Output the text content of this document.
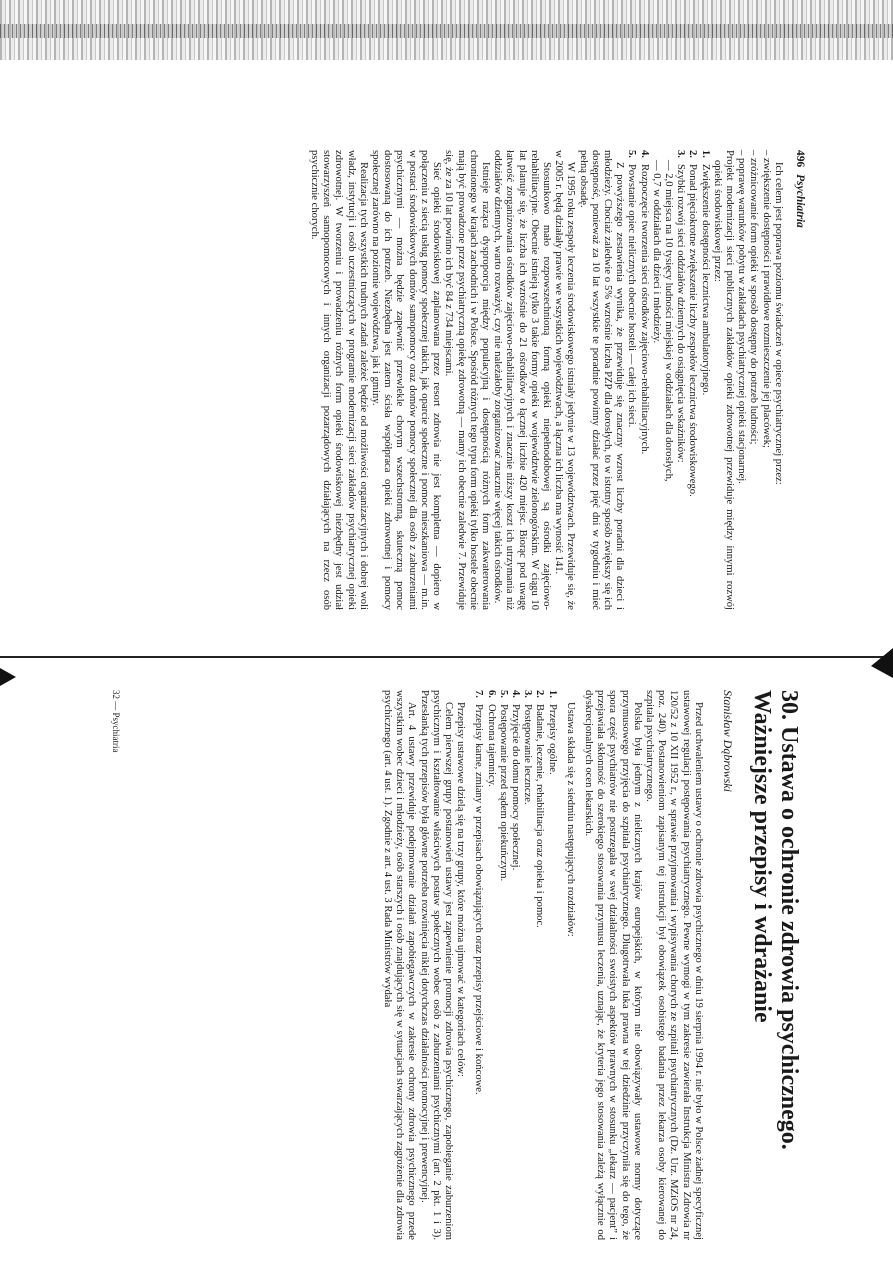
496 Psychiatria

Ich celem jest poprawa poziomu świadczeń w opiece psychiatrycznej przez:

– zwiększenie dostępności i prawidłowe rozmieszczenie jej placówek;
– zróżnicowanie form opieki w sposób dostępny do potrzeb ludności;
– poprawę warunków pobytu w zakładach psychiatrycznej opieki stacjonarnej.
Projekt modernizacji sieci publicznych zakładów opieki zdrowotnej przewiduje między innymi rozwój opieki środowiskowej przez:
1.Zwiększenie dostępności lecznictwa ambulatoryjnego.
2.Ponad pięciokrotne zwiększenie liczby zespołów lecznictwa środowiskowego.
3.Szybki rozwój sieci oddziałów dziennych do osiągnięcia wskaźników:
— 2,0 miejsca na 10 tysięcy ludności miejskiej w oddziałach dla dorosłych,
— 0,7 w oddziałach dla dzieci i młodzieży.
4.Rozpoczęcie tworzenia sieci ośrodków zajęciowo-rehabilitacyjnych.
5.Powstanie opiec nielicznych obecnie hosteli — całej ich sieci.

Z powyższego zestawienia wynika, że przewiduje się znaczny wzrost liczby poradni dla dzieci i młodzieży. Chociaż zaledwie o 5% wzrośnie liczba PZP dla dorosłych, to w istotny sposób zwiększy się ich dostępność, ponieważ za 10 lat wszystkie te poradnie powinny działać przez pięć dni w tygodniu i mieć pełną obsadę.

W 1995 roku zespoły leczenia środowiskowego istniały jedynie w 13 województwach. Przewiduje się, że w 2005 r. będą działały prawie we wszystkich województwach, a łączna ich liczba ma wynosić 141.

Stosunkowo mało rozpowszechnioną formą opieki niepełnodobowej są ośrodki zajęciowo-rehabilitacyjne. Obecnie istnieją tylko 3 takie formy opieki w województwie zielonogórskim. W ciągu 10 lat planuje się, że liczba ich wzrośnie do 21 ośrodków o łącznej liczbie 420 miejsc. Biorąc pod uwagę łatwość zorganizowania ośrodków zajęciowo-rehabilitacyjnych i znacznie niższy koszt ich utrzymania niż oddziałów dziennych, warto rozważyć, czy nie należałoby zorganizować znacznie więcej takich ośrodków.

Istnieje rażąca dysproporcja między populacyjną i dostępnością różnych form zakwaterowania chronionego w krajach zachodnich i w Polsce. Spośród różnych tego typu form opieki tylko hostele obecnie mają być prowadzone przez psychiatryczną opiekę zdrowotną — mamy ich obecnie zaledwie 7. Przewiduje się, że za 10 lat powinno ich być 84 z 734 miejscami.

Sieć opieki środowiskowej zaplanowana przez resort zdrowia nie jest kompletna — dopiero w połączeniu z siecią usług pomocy społecznej takich, jak oparcie społeczne i pomoc mieszkaniowa — m.in. w postaci środowiskowych domów samopomocy oraz domów pomocy społecznej dla osób z zaburzeniami psychicznymi — można będzie zapewnić przewlekle chorym wszechstronną, skuteczną pomoc dostosowaną do ich potrzeb. Niezbędna jest zatem ścisła współpraca opieki zdrowotnej i pomocy społecznej zarówno na poziomie województwa, jak i gminy.

Realizacja tych wszystkich trudnych zadań zależeć będzie od możliwości organizacyjnych i dobrej woli władz, instytucji i osób uczestniczących w programie modernizacji sieci zakładów psychiatrycznej opieki zdrowotnej. W tworzeniu i prowadzeniu różnych form opieki środowiskowej niezbędny jest udział stowarzyszeń samopomocowych i innych organizacji pozarządowych działających na rzecz osób psychicznie chorych.

30. Ustawa o ochronie zdrowia psychicznego. Ważniejsze przepisy i wdrażanie

Stanisław Dąbrowski

Przed uchwaleniem ustawy o ochronie zdrowia psychicznego w dniu 19 sierpnia 1994 r. nie było w Polsce żadnej specyficznej ustawowej regulacji postępowania psychiatrycznego. Pewne wymogi w tym zakresie zawierała Instrukcja Ministra Zdrowia nr 120/52 z 10 XII 1952 r., w sprawie przyjmowania i wypisywania chorych ze szpitali psychiatrycznych (Dz. Urz. MZiOS nr 24, poz. 240). Postanowieniom zapisanym tej instrukcji był obowiązek osobistego badania przez lekarza osoby kierowanej do szpitala psychiatrycznego.

Polska była jednym z nielicznych krajów europejskich, w którym nie obowiązywały ustawowe normy dotyczące przymusowego przyjęcia do szpitala psychiatrycznego. Dlugotrwała luka prawna w tej dziedzinie przyczyniła się do tego, że spora część psychiatrów nie postrzegała w swej działalności swoistych aspektów prawnych w stosunku „lekarz — pacjent” i przejawiała skłonność do szerokiego stosowania przymusu leczenia, uznając, że kryteria jego stosowania zależą wyłącznie od dyskrecjonalnych ocen lekarskich.

Ustawa składa się z siedmiu następujących rozdziałów:

1.Przepisy ogólne.
2.Badanie, leczenie, rehabilitacja oraz opieka i pomoc.
3.Postępowanie leczncze.
4.Przyjęcie do domu pomocy społecznej.
5.Postępowanie przed sądem opiekuńczym.
6.Ochrona tajemnicy.
7.Przepisy karne, zmiany w przepisach obowiązujących oraz przepisy przejściowe i końcowe.

Przepisy ustawowe dzielą się na trzy grupy, które można ujmować w kategoriach celów:

Celem pierwszej grupy postanowień ustawy jest zapewnienie promocji zdrowia psychicznego, zapobieganie zaburzeniom psychicznym i kształtowanie właściwych postaw społecznych wobec osób z zaburzeniami psychicznymi (art. 2 pkt. 1 i 3). Przesłanką tych przepisów była główne potrzeba rozwinięcia niklej dotychczas działalności promocyjnej i prewencyjnej.

Art. 4 ustawy przewiduje podejmowanie działań zapobiegawczych w zakresie ochrony zdrowia psychicznego przede wszystkim wobec dzieci i młodzieży, osób starszych i osób znajdujących się w sytuacjach stwarzających zagrożenie dla zdrowia psychicznego (art. 4 ust. 1). Zgodnie z art. 4 ust. 3 Rada Ministrów wydała

32 — Psychiatria
